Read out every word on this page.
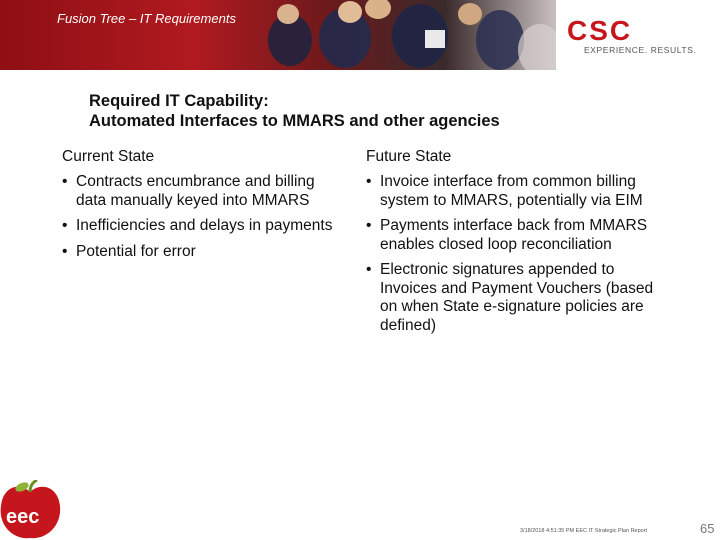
Fusion Tree – IT Requirements	CSC
EXPERIENCE. RESULTS.
Required IT Capability:
Automated Interfaces to MMARS and other agencies
Current State
• Contracts encumbrance and billing data manually keyed into MMARS
• Inefficiencies and delays in payments
• Potential for error
Future State
• Invoice interface from common billing system to MMARS, potentially via EIM
• Payments interface back from MMARS enables closed loop reconciliation
• Electronic signatures appended to Invoices and Payment Vouchers (based on when State e-signature policies are defined)
eec
3/18/2018 4:51:35 PM EEC IT Strategic Plan Report	65
